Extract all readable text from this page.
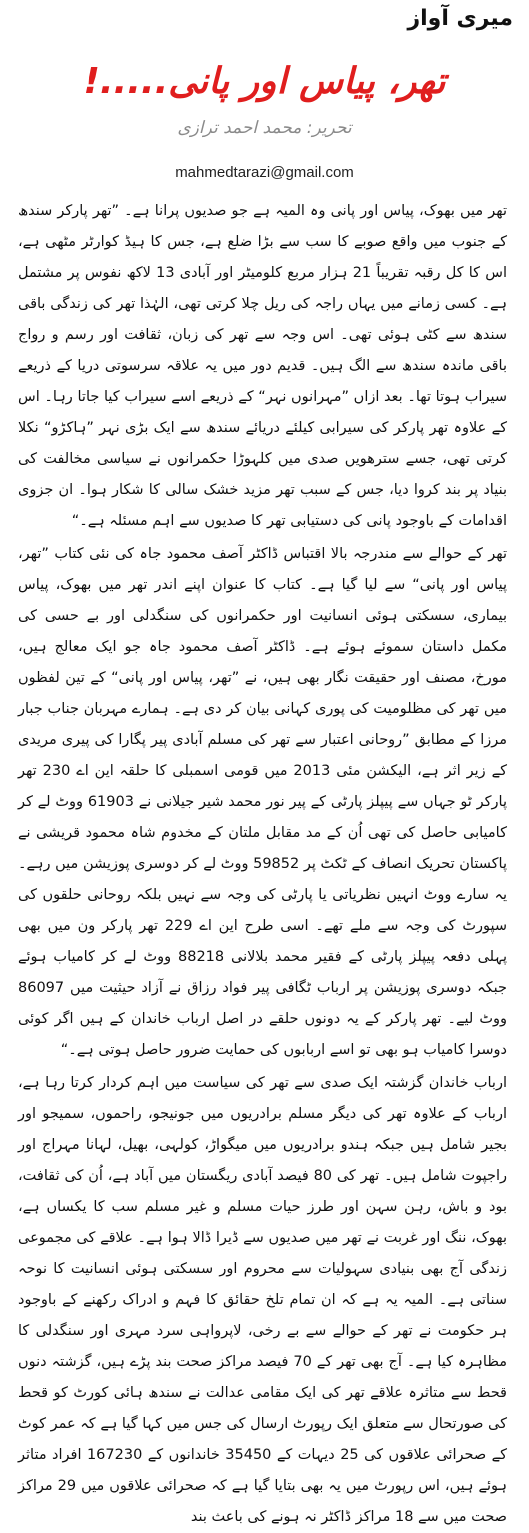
میری آواز
تھر، پیاس اور پانی.....!
تحریر: محمد احمد ترازی
mahmedtarazi@gmail.com

تھر میں بھوک، پیاس اور پانی وہ المیہ ہے جو صدیوں پرانا ہے۔ ”تھر پارکر سندھ کے جنوب میں واقع صوبے کا سب سے بڑا ضلع ہے، جس کا ہیڈ کوارٹر مٹھی ہے، اس کا کل رقبہ تقریباً 21 ہزار مربع کلومیٹر اور آبادی 13 لاکھ نفوس پر مشتمل ہے۔ کسی زمانے میں یہاں راجہ کی ریل چلا کرتی تھی، الہٰذا تھر کی زندگی باقی سندھ سے کٹی ہوئی تھی۔ اس وجہ سے تھر کی زبان، ثقافت اور رسم و رواج باقی ماندہ سندھ سے الگ ہیں۔ قدیم دور میں یہ علاقہ سرسوتی دریا کے ذریعے سیراب ہوتا تھا۔ بعد ازاں ”مہرانوں نہر“ کے ذریعے اسے سیراب کیا جاتا رہا۔ اس کے علاوہ تھر پارکر کی سیرابی کیلئے دریائے سندھ سے ایک بڑی نہر ”ہاکڑو“ نکلا کرتی تھی، جسے سترھویں صدی میں کلہوڑا حکمرانوں نے سیاسی مخالفت کی بنیاد پر بند کروا دیا، جس کے سبب تھر مزید خشک سالی کا شکار ہوا۔ ان جزوی اقدامات کے باوجود پانی کی دستیابی تھر کا صدیوں سے اہم مسئلہ ہے۔“

تھر کے حوالے سے مندرجہ بالا اقتباس ڈاکٹر آصف محمود جاہ کی نئی کتاب ”تھر، پیاس اور پانی“ سے لیا گیا ہے۔ کتاب کا عنوان اپنے اندر تھر میں بھوک، پیاس بیماری، سسکتی ہوئی انسانیت اور حکمرانوں کی سنگدلی اور بے حسی کی مکمل داستان سموئے ہوئے ہے۔ ڈاکٹر آصف محمود جاہ جو ایک معالج ہیں، مورخ، مصنف اور حقیقت نگار بھی ہیں، نے ”تھر، پیاس اور پانی“ کے تین لفظوں میں تھر کی مظلومیت کی پوری کہانی بیان کر دی ہے۔ ہمارے مہربان جناب جبار مرزا کے مطابق ”روحانی اعتبار سے تھر کی مسلم آبادی پیر پگارا کی پیری مریدی کے زیر اثر ہے، الیکشن مئی 2013 میں قومی اسمبلی کا حلقہ این اے 230 تھر پارکر ٹو جہاں سے پیپلز پارٹی کے پیر نور محمد شیر جیلانی نے 61903 ووٹ لے کر کامیابی حاصل کی تھی اُن کے مد مقابل ملتان کے مخدوم شاہ محمود قریشی نے پاکستان تحریک انصاف کے ٹکٹ پر 59852 ووٹ لے کر دوسری پوزیشن میں رہے۔ یہ سارے ووٹ انہیں نظریاتی یا پارٹی کی وجہ سے نہیں بلکہ روحانی حلقوں کی سپورٹ کی وجہ سے ملے تھے۔ اسی طرح این اے 229 تھر پارکر ون میں بھی پہلی دفعہ پیپلز پارٹی کے فقیر محمد بلالانی 88218 ووٹ لے کر کامیاب ہوئے جبکہ دوسری پوزیشن پر ارباب ٹگافی پیر فواد رزاق نے آزاد حیثیت میں 86097 ووٹ لیے۔ تھر پارکر کے یہ دونوں حلقے در اصل ارباب خاندان کے ہیں اگر کوئی دوسرا کامیاب ہو بھی تو اسے اربابوں کی حمایت ضرور حاصل ہوتی ہے۔“

ارباب خاندان گزشتہ ایک صدی سے تھر کی سیاست میں اہم کردار کرتا رہا ہے، ارباب کے علاوہ تھر کی دیگر مسلم برادریوں میں جونیجو، راحموں، سمیجو اور بجیر شامل ہیں جبکہ ہندو برادریوں میں میگواڑ، کولہی، بھیل، لہانا مہراج اور راجپوت شامل ہیں۔ تھر کی 80 فیصد آبادی ریگستان میں آباد ہے، اُن کی ثقافت، بود و باش، رہن سہن اور طرز حیات مسلم و غیر مسلم سب کا یکساں ہے، بھوک، ننگ اور غربت نے تھر میں صدیوں سے ڈیرا ڈالا ہوا ہے۔ علاقے کی مجموعی زندگی آج بھی بنیادی سہولیات سے محروم اور سسکتی ہوئی انسانیت کا نوحہ سناتی ہے۔ المیہ یہ ہے کہ ان تمام تلخ حقائق کا فہم و ادراک رکھنے کے باوجود ہر حکومت نے تھر کے حوالے سے بے رخی، لاپرواہی سرد مہری اور سنگدلی کا مظاہرہ کیا ہے۔ آج بھی تھر کے 70 فیصد مراکز صحت بند پڑے ہیں، گزشتہ دنوں قحط سے متاثرہ علاقے تھر کی ایک مقامی عدالت نے سندھ ہائی کورٹ کو قحط کی صورتحال سے متعلق ایک رپورٹ ارسال کی جس میں کہا گیا ہے کہ عمر کوٹ کے صحرائی علاقوں کی 25 دیہات کے 35450 خاندانوں کے 167230 افراد متاثر ہوئے ہیں، اس رپورٹ میں یہ بھی بتایا گیا ہے کہ صحرائی علاقوں میں 29 مراکز صحت میں سے 18 مراکز ڈاکٹر نہ ہونے کی باعث بند
